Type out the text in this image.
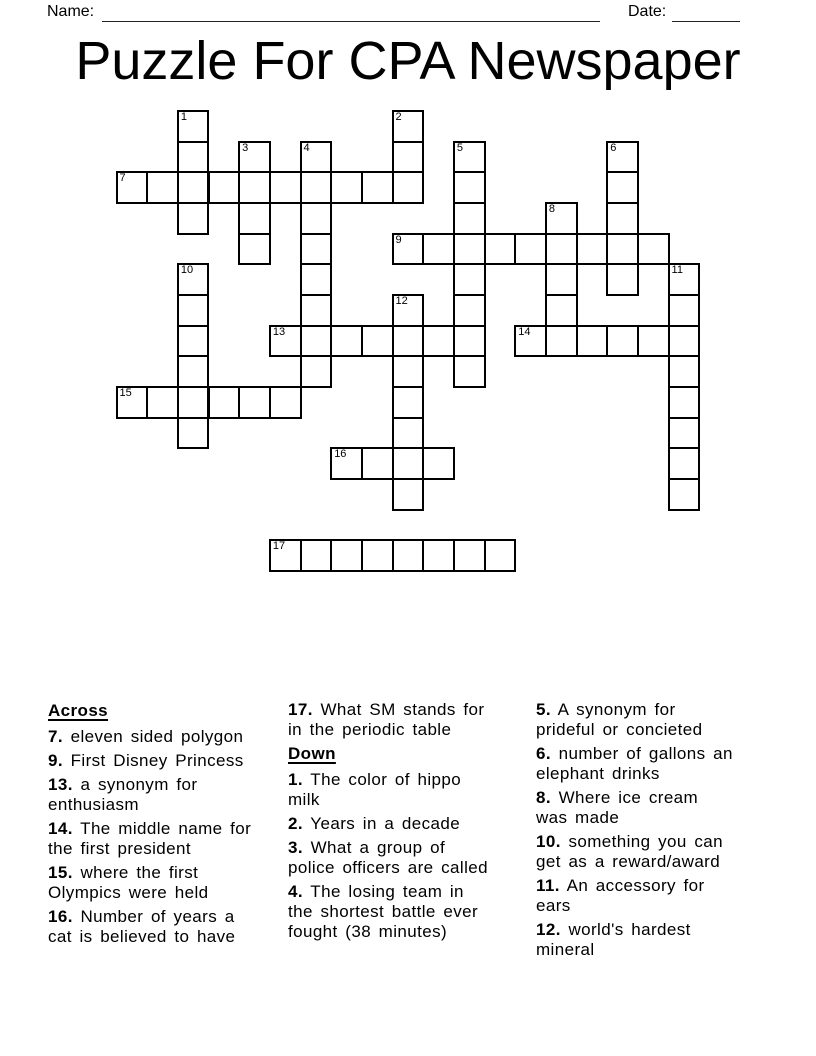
Name:	Date:
Puzzle For CPA Newspaper
1	2
3	4	5	6
7
8
9
10	11
12
13	14
15
16
17
Across
7. eleven sided polygon
9. First Disney Princess
13. a synonym for
enthusiasm
14. The middle name for
the first president
15. where the first
Olympics were held
16. Number of years a
cat is believed to have
17. What SM stands for
in the periodic table
Down
1. The color of hippo
milk
2. Years in a decade
3. What a group of
police officers are called
4. The losing team in
the shortest battle ever
fought (38 minutes)
5. A synonym for
prideful or concieted
6. number of gallons an
elephant drinks
8. Where ice cream
was made
10. something you can
get as a reward/award
11. An accessory for
ears
12. world's hardest
mineral
